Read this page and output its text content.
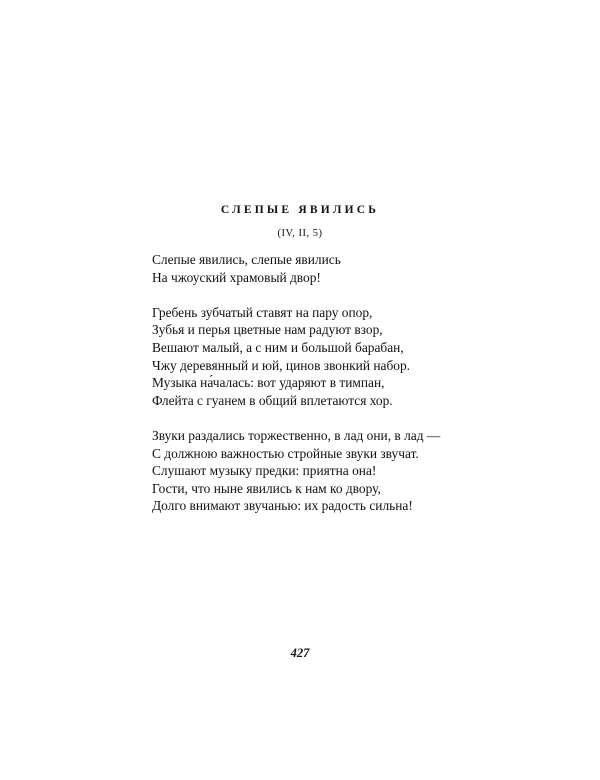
СЛЕПЫЕ ЯВИЛИСЬ
(IV, II, 5)
Слепые явились, слепые явились
На чжоуский храмовый двор!
Гребень зубчатый ставят на пару опор,
Зубья и перья цветные нам радуют взор,
Вешают малый, а с ним и большой барабан,
Чжу деревянный и юй, цинов звонкий набор.
Музыка на́чалась: вот ударяют в тимпан,
Флейта с гуанем в общий вплетаются хор.
Звуки раздались торжественно, в лад они, в лад —
С должною важностью стройные звуки звучат.
Слушают музыку предки: приятна она!
Гости, что ныне явились к нам ко двору,
Долго внимают звучанью: их радость сильна!
427
